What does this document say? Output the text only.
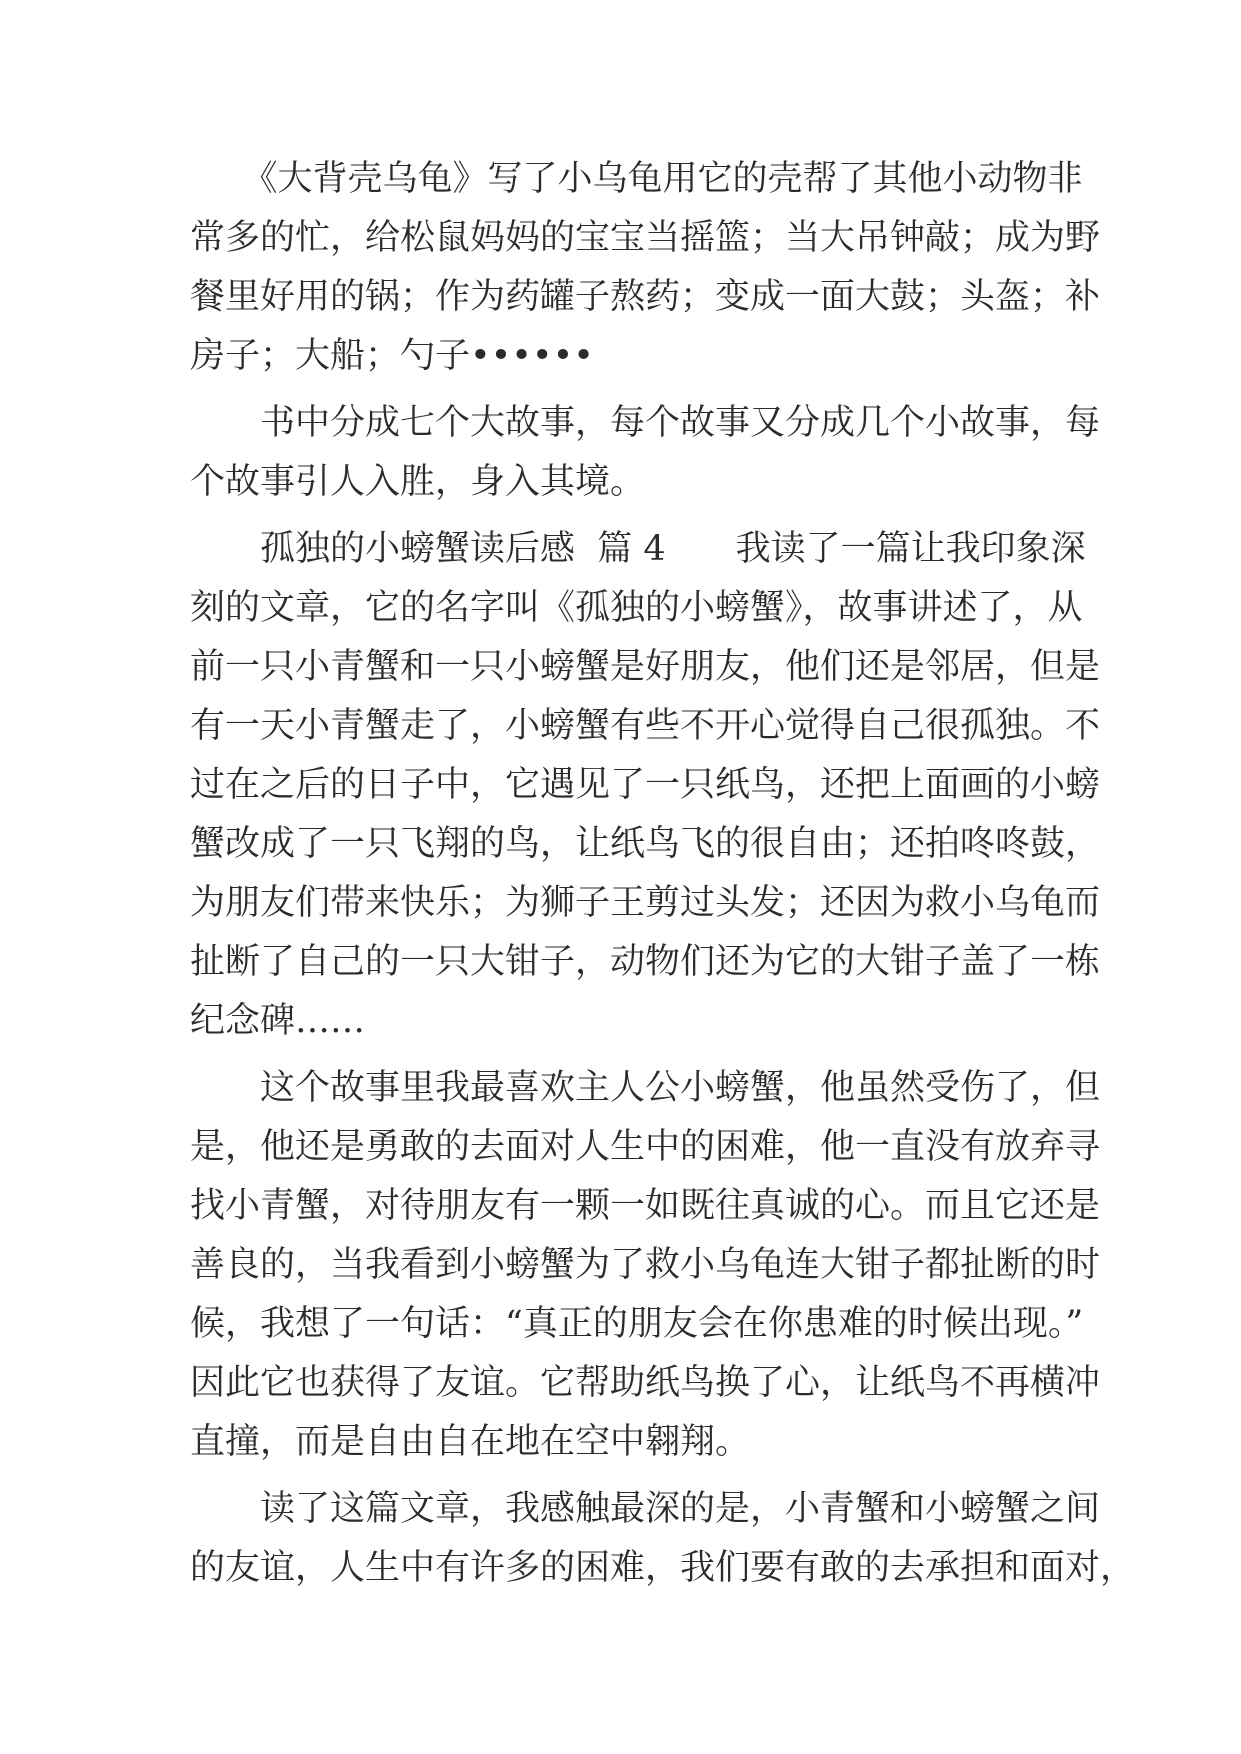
　　《大背壳乌龟》写了小乌龟用它的壳帮了其他小动物非
常多的忙，给松鼠妈妈的宝宝当摇篮；当大吊钟敲；成为野
餐里好用的锅；作为药罐子熬药；变成一面大鼓；头盔；补
房子；大船；勺子••••••
　　书中分成七个大故事，每个故事又分成几个小故事，每
个故事引人入胜，身入其境。
　　孤独的小螃蟹读后感  篇 4　　我读了一篇让我印象深
刻的文章，它的名字叫《孤独的小螃蟹》，故事讲述了，从
前一只小青蟹和一只小螃蟹是好朋友，他们还是邻居，但是
有一天小青蟹走了，小螃蟹有些不开心觉得自己很孤独。不
过在之后的日子中，它遇见了一只纸鸟，还把上面画的小螃
蟹改成了一只飞翔的鸟，让纸鸟飞的很自由；还拍咚咚鼓，
为朋友们带来快乐；为狮子王剪过头发；还因为救小乌龟而
扯断了自己的一只大钳子，动物们还为它的大钳子盖了一栋
纪念碑……
　　这个故事里我最喜欢主人公小螃蟹，他虽然受伤了，但
是，他还是勇敢的去面对人生中的困难，他一直没有放弃寻
找小青蟹，对待朋友有一颗一如既往真诚的心。而且它还是
善良的，当我看到小螃蟹为了救小乌龟连大钳子都扯断的时
候，我想了一句话：“真正的朋友会在你患难的时候出现。”
因此它也获得了友谊。它帮助纸鸟换了心，让纸鸟不再横冲
直撞，而是自由自在地在空中翱翔。
　　读了这篇文章，我感触最深的是，小青蟹和小螃蟹之间
的友谊，人生中有许多的困难，我们要有敢的去承担和面对，
